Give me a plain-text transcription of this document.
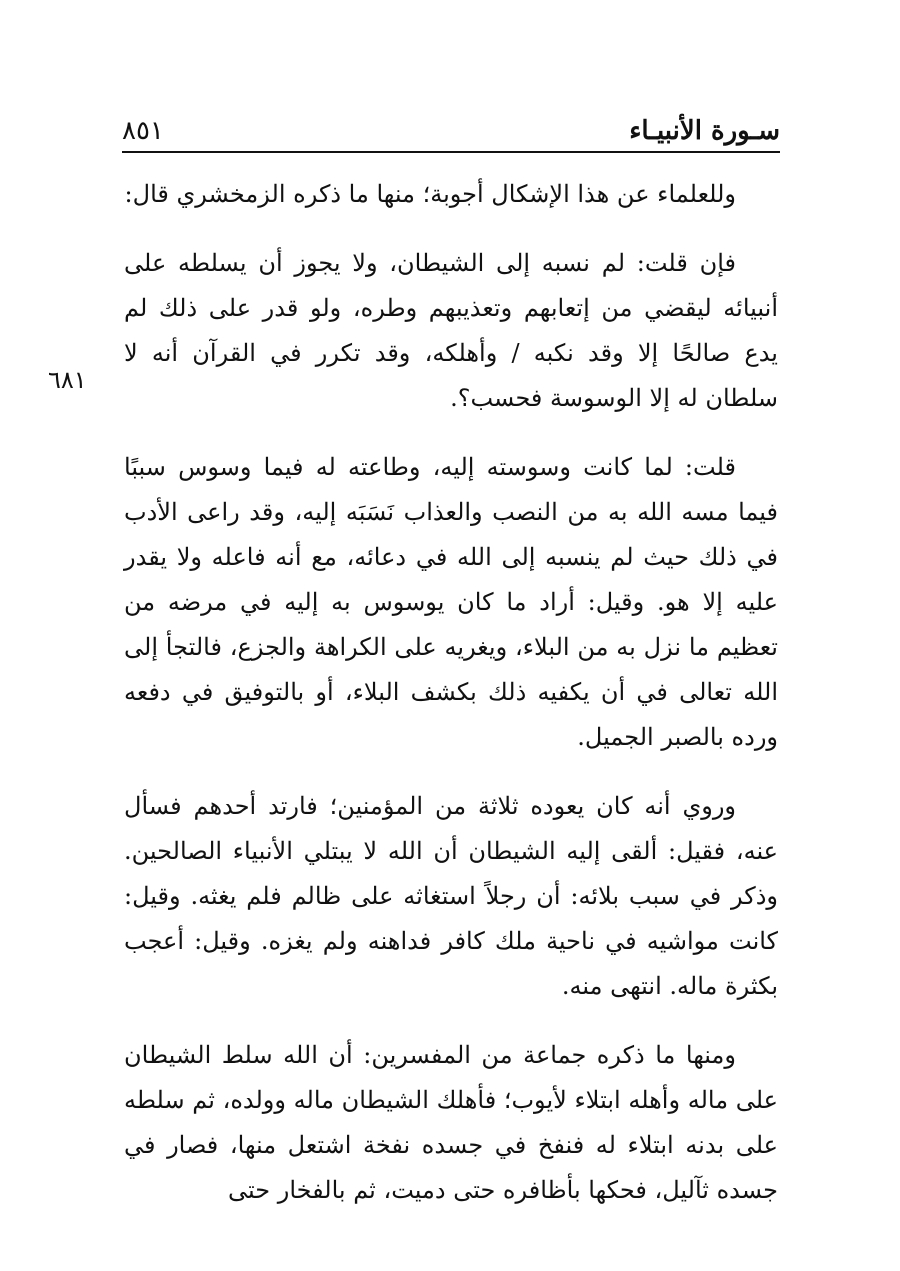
سـورة الأنبيـاء
٨٥١
٦٨١

وللعلماء عن هذا الإشكال أجوبة؛ منها ما ذكره الزمخشري قال:

فإن قلت: لم نسبه إلى الشيطان، ولا يجوز أن يسلطه على أنبيائه ليقضي من إتعابهم وتعذيبهم وطره، ولو قدر على ذلك لم يدع صالحًا إلا وقد نكبه / وأهلكه، وقد تكرر في القرآن أنه لا سلطان له إلا الوسوسة فحسب؟.

قلت: لما كانت وسوسته إليه، وطاعته له فيما وسوس سببًا فيما مسه الله به من النصب والعذاب نَسَبَه إليه، وقد راعى الأدب في ذلك حيث لم ينسبه إلى الله في دعائه، مع أنه فاعله ولا يقدر عليه إلا هو. وقيل: أراد ما كان يوسوس به إليه في مرضه من تعظيم ما نزل به من البلاء، ويغريه على الكراهة والجزع، فالتجأ إلى الله تعالى في أن يكفيه ذلك بكشف البلاء، أو بالتوفيق في دفعه ورده بالصبر الجميل.

وروي أنه كان يعوده ثلاثة من المؤمنين؛ فارتد أحدهم فسأل عنه، فقيل: ألقى إليه الشيطان أن الله لا يبتلي الأنبياء الصالحين. وذكر في سبب بلائه: أن رجلاً استغاثه على ظالم فلم يغثه. وقيل: كانت مواشيه في ناحية ملك كافر فداهنه ولم يغزه. وقيل: أعجب بكثرة ماله. انتهى منه.

ومنها ما ذكره جماعة من المفسرين: أن الله سلط الشيطان على ماله وأهله ابتلاء لأيوب؛ فأهلك الشيطان ماله وولده، ثم سلطه على بدنه ابتلاء له فنفخ في جسده نفخة اشتعل منها، فصار في جسده ثآليل، فحكها بأظافره حتى دميت، ثم بالفخار حتى
